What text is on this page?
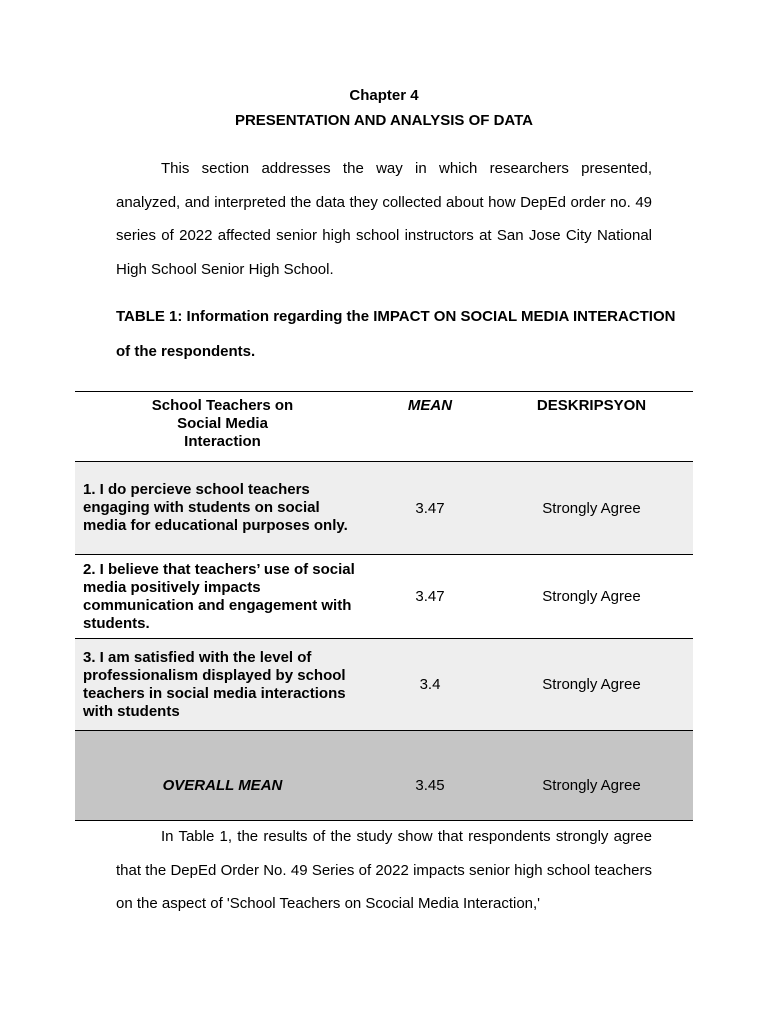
Chapter 4
PRESENTATION AND ANALYSIS OF DATA

This section addresses the way in which researchers presented, analyzed, and interpreted the data they collected about how DepEd order no. 49 series of 2022 affected senior high school instructors at San Jose City National High School Senior High School.

TABLE 1: Information regarding the IMPACT ON SOCIAL MEDIA INTERACTION of the respondents.

School Teachers on Social Media Interaction	MEAN	DESKRIPSYON
1. I do percieve school teachers engaging with students on social media for educational purposes only.	3.47	Strongly Agree
2. I believe that teachers’ use of social media positively impacts communication and engagement with students.	3.47	Strongly Agree
3. I am satisfied with the level of professionalism displayed by school teachers in social media interactions with students	3.4	Strongly Agree
OVERALL MEAN	3.45	Strongly Agree

In Table 1, the results of the study show that respondents strongly agree that the DepEd Order No. 49 Series of 2022 impacts senior high school teachers on the aspect of 'School Teachers on Scocial Media Interaction,'
